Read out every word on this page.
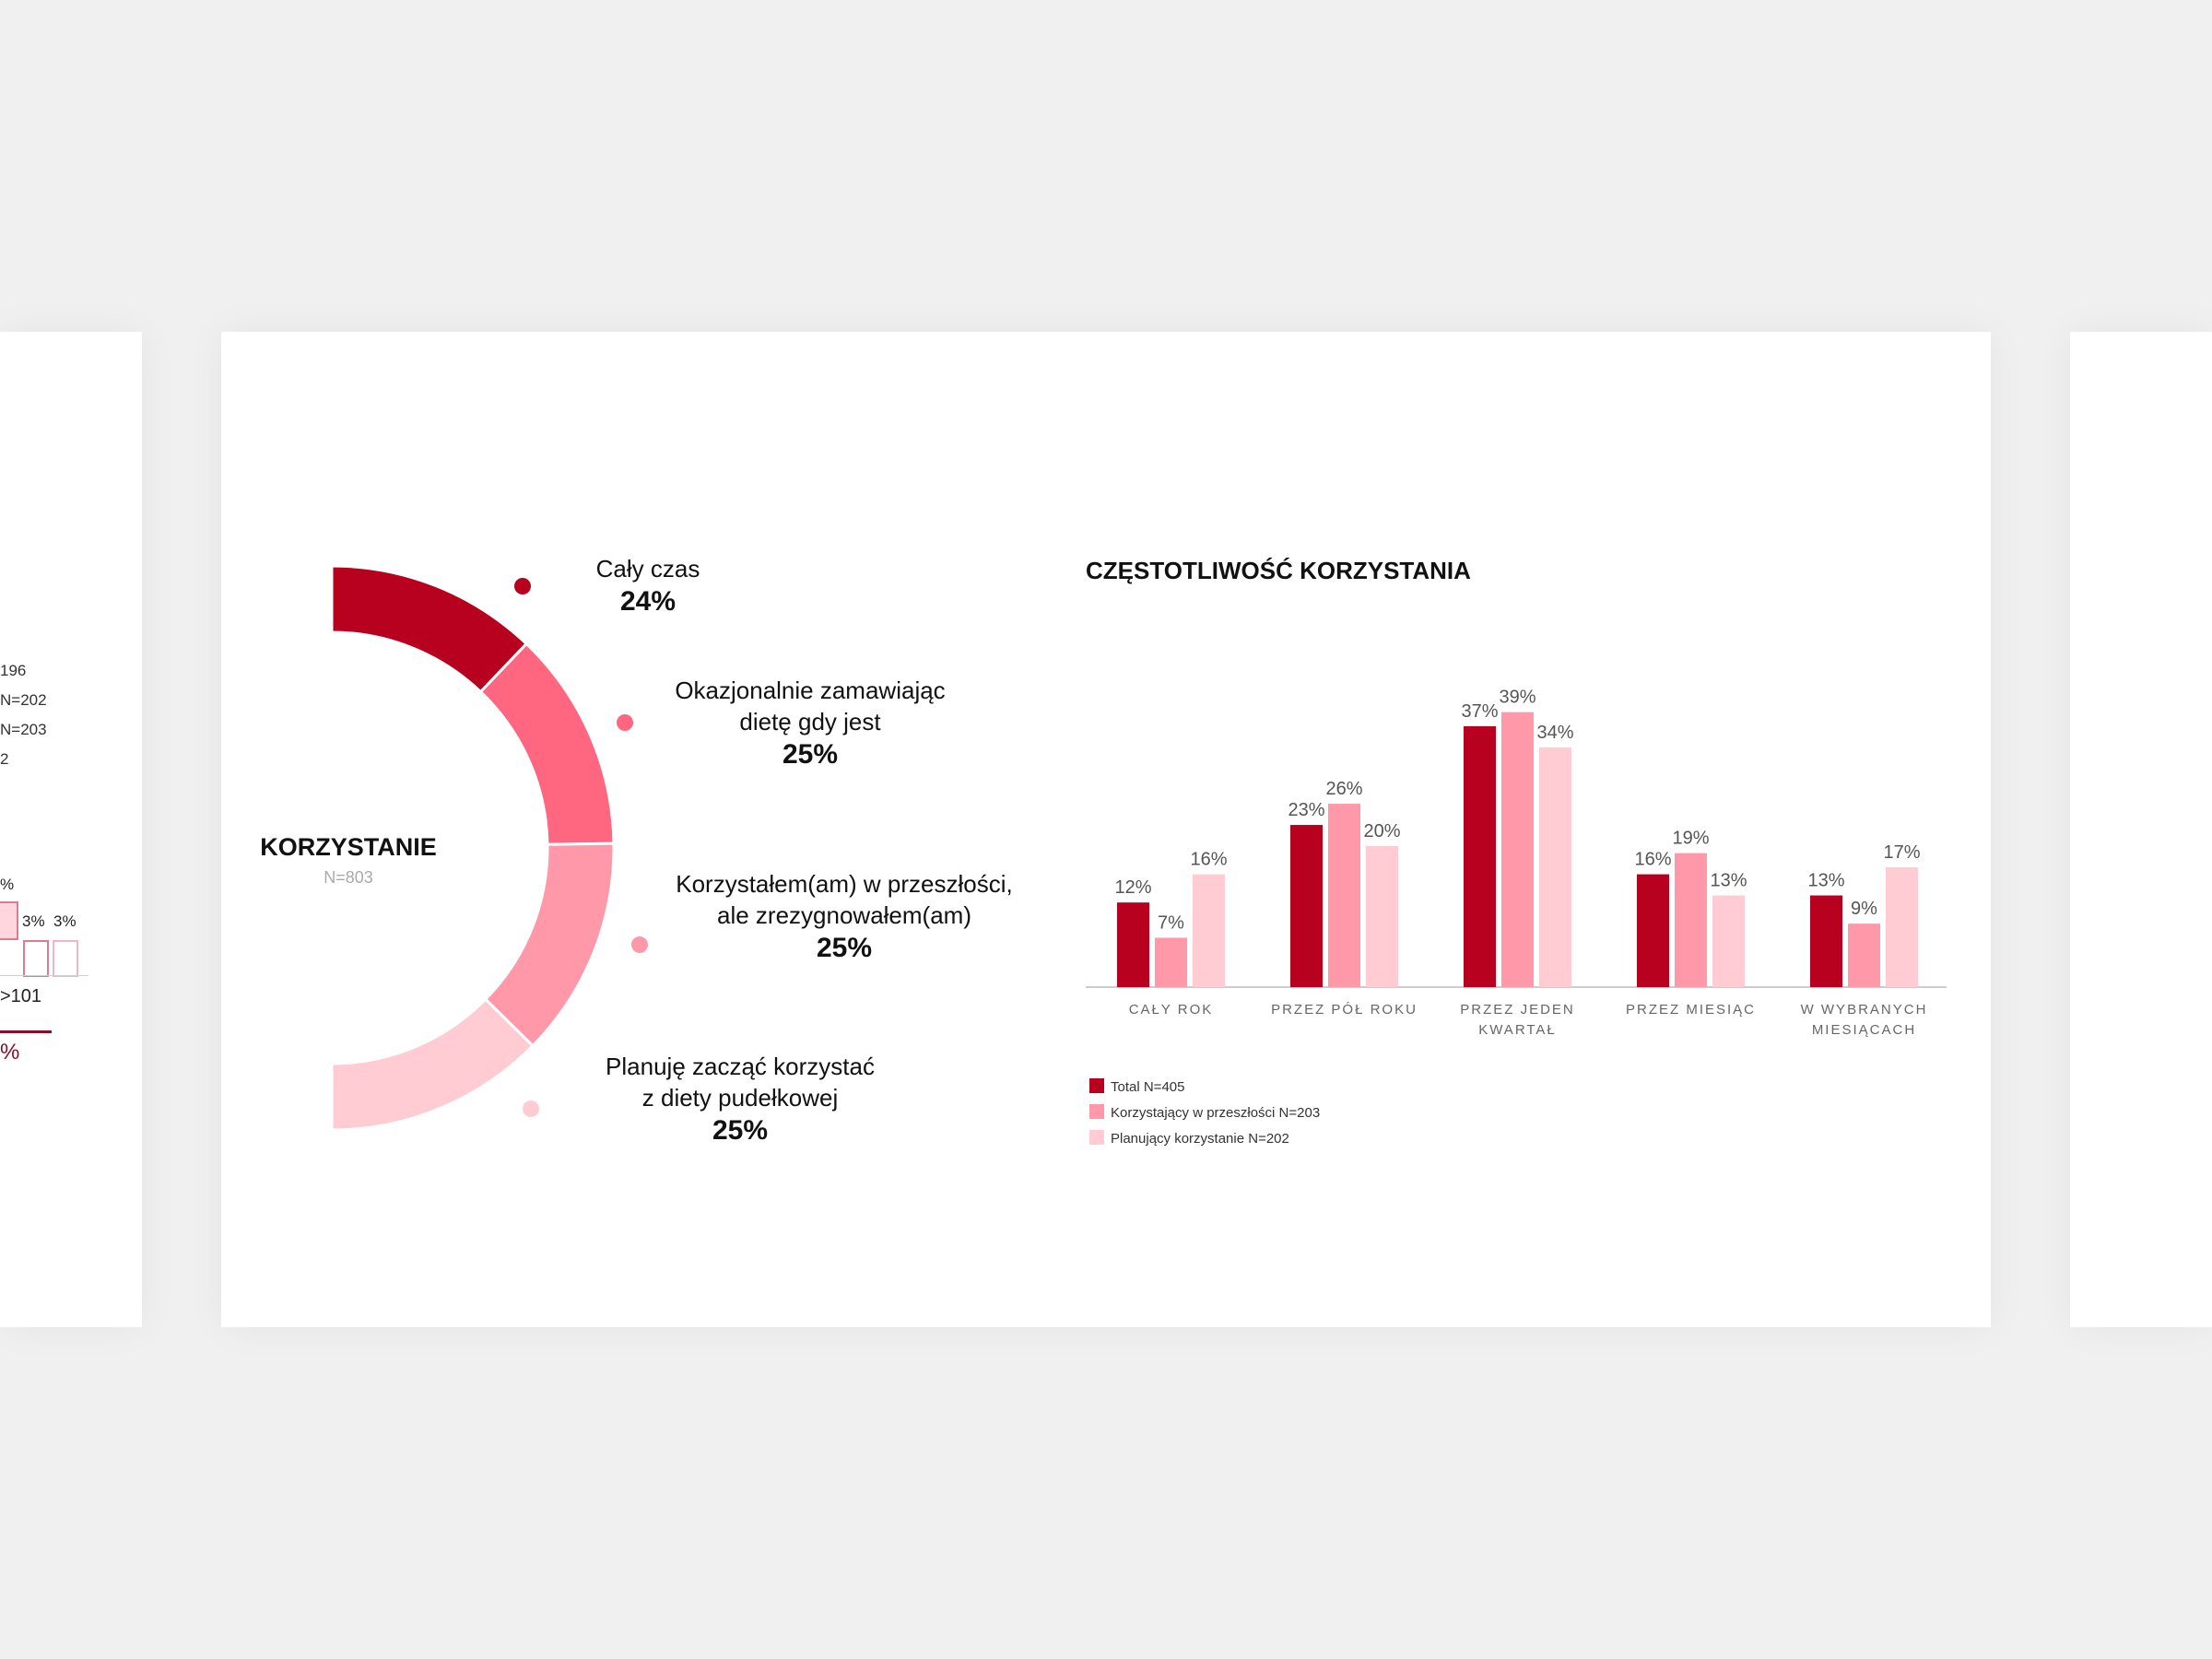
196
N=202
N=203
2
%
3% 3%
>101
%
Cały czas
24%
Okazjonalnie zamawiając
dietę gdy jest
25%
Korzystałem(am) w przeszłości,
ale zrezygnowałem(am)
25%
Planuję zacząć korzystać
z diety pudełkowej
25%
KORZYSTANIE
N=803
CZĘSTOTLIWOŚĆ KORZYSTANIA
12%
7%
16%
23%
26%
20%
37%
39%
34%
16%
19%
13%	13%
9%
17%
CAŁY ROK	PRZEZ PÓŁ ROKU	PRZEZ JEDEN
KWARTAŁ
PRZEZ MIESIĄC	W WYBRANYCH
MIESIĄCACH
Total N=405
Korzystający w przeszłości N=203
Planujący korzystanie N=202
